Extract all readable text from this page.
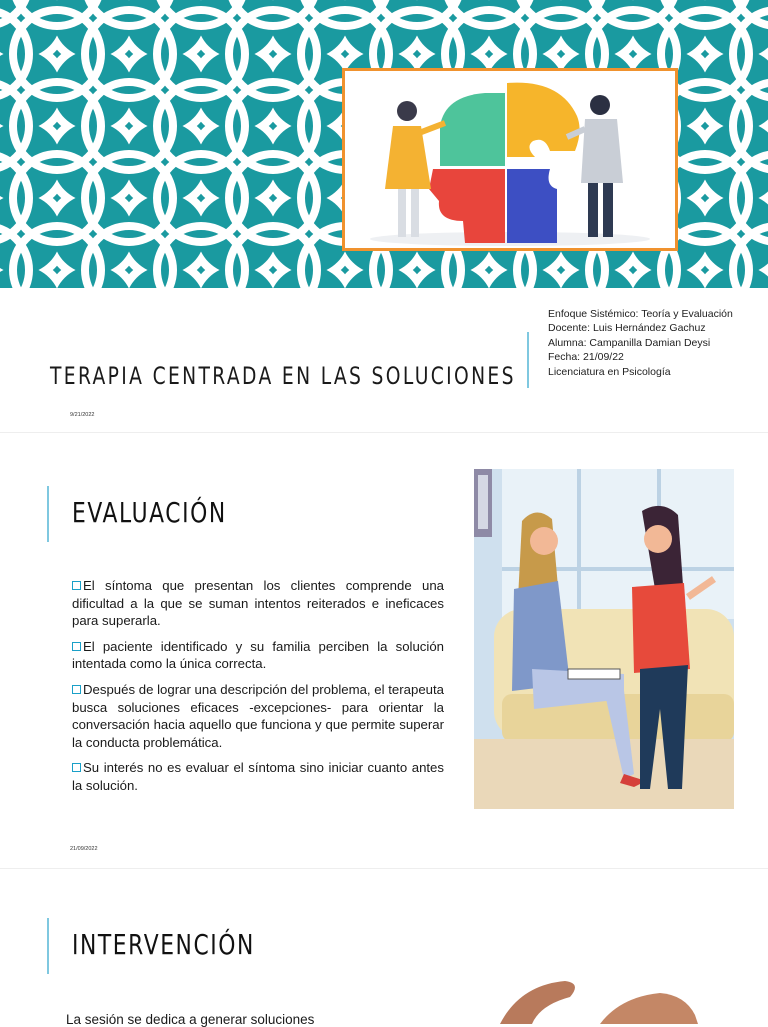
TERAPIA CENTRADA EN LAS SOLUCIONES
Enfoque Sistémico: Teoría y Evaluación
Docente: Luis Hernández Gachuz
Alumna: Campanilla Damian Deysi
Fecha: 21/09/22
Licenciatura en Psicología
9/21/2022
EVALUACIÓN
El síntoma que presentan los clientes comprende una dificultad a la que se suman intentos reiterados e ineficaces para superarla.
El paciente identificado y su familia perciben la solución intentada como la única correcta.
Después de lograr una descripción del problema, el terapeuta busca soluciones eficaces -excepciones- para orientar la conversación hacia aquello que funciona y que permite superar la conducta problemática.
Su interés no es evaluar el síntoma sino iniciar cuanto antes la solución.
21/09/2022
INTERVENCIÓN
La sesión se dedica a generar soluciones
